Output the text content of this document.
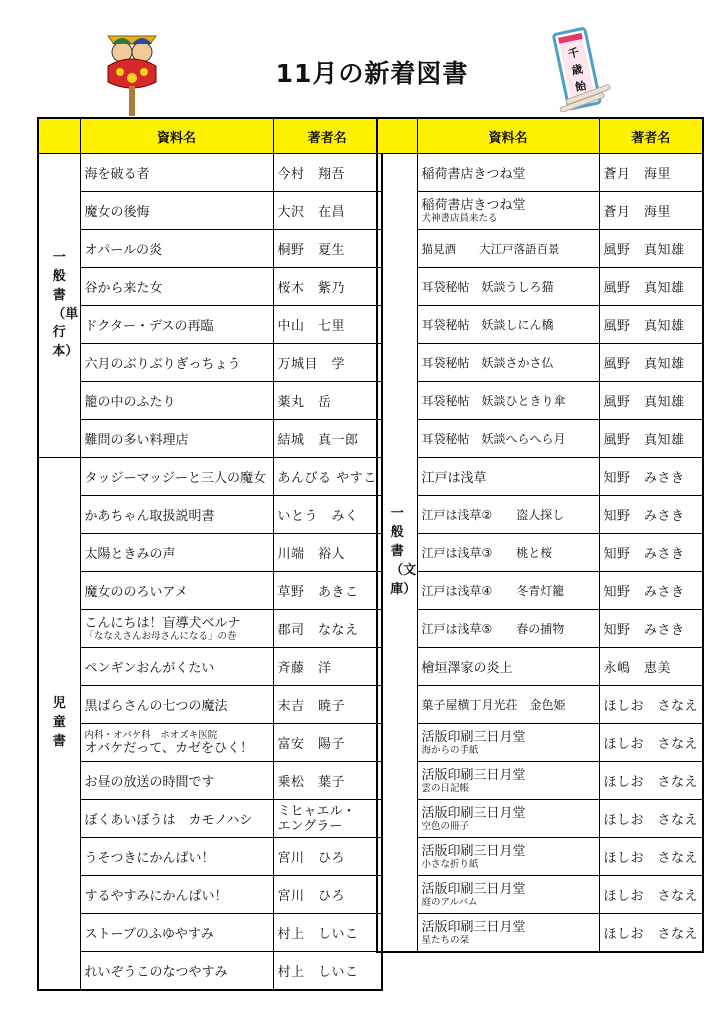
11月の新着図書
千
歳
飴
	資料名	著者名
一般書（単行本）	海を破る者	今村　翔吾
	魔女の後悔	大沢　在昌
	オパールの炎	桐野　夏生
	谷から来た女	桜木　紫乃
	ドクター・デスの再臨	中山　七里
	六月のぶりぶりぎっちょう	万城目　学
	籠の中のふたり	薬丸　岳
	難問の多い料理店	結城　真一郎
児童書	タッジーマッジーと三人の魔女	あんびる やすこ
	かあちゃん取扱説明書	いとう　みく
	太陽ときみの声	川端　裕人
	魔女ののろいアメ	草野　あきこ

	こんにちは！盲導犬ベルナ
「ななえさんお母さんになる」の巻	郡司　ななえ
	ペンギンおんがくたい	斉藤　洋
	黒ばらさんの七つの魔法	末吉　暁子

	内科・オバケ科　ホオズキ医院
オバケだって、カゼをひく！	富安　陽子
	お昼の放送の時間です	乗松　葉子
	ぼくあいぼうは　カモノハシ	ミヒャエル・
エングラー

	うそつきにかんぱい！	宮川　ひろ
	するやすみにかんぱい！	宮川　ひろ
	ストーブのふゆやすみ	村上　しいこ
	れいぞうこのなつやすみ	村上　しいこ
	資料名	著者名
一般書（文庫）	稲荷書店きつね堂	蒼月　海里

	稲荷書店きつね堂
犬神書店員来たる	蒼月　海里
	猫見酒　　大江戸落語百景	風野　真知雄
	耳袋秘帖　妖談うしろ猫	風野　真知雄
	耳袋秘帖　妖談しにん橋	風野　真知雄
	耳袋秘帖　妖談さかさ仏	風野　真知雄
	耳袋秘帖　妖談ひときり傘	風野　真知雄
	耳袋秘帖　妖談へらへら月	風野　真知雄
	江戸は浅草	知野　みさき
	江戸は浅草②　　盗人探し	知野　みさき
	江戸は浅草③　　桃と桜	知野　みさき
	江戸は浅草④　　冬青灯籠	知野　みさき
	江戸は浅草⑤　　春の捕物	知野　みさき
	檜垣澤家の炎上	永嶋　恵美
	菓子屋横丁月光荘　金色姫	ほしお　さなえ

	活版印刷三日月堂
海からの手紙	ほしお　さなえ

	活版印刷三日月堂
雲の日記帳	ほしお　さなえ

	活版印刷三日月堂
空色の冊子	ほしお　さなえ

	活版印刷三日月堂
小さな折り紙	ほしお　さなえ

	活版印刷三日月堂
庭のアルバム	ほしお　さなえ

	活版印刷三日月堂
星たちの栞	ほしお　さなえ
